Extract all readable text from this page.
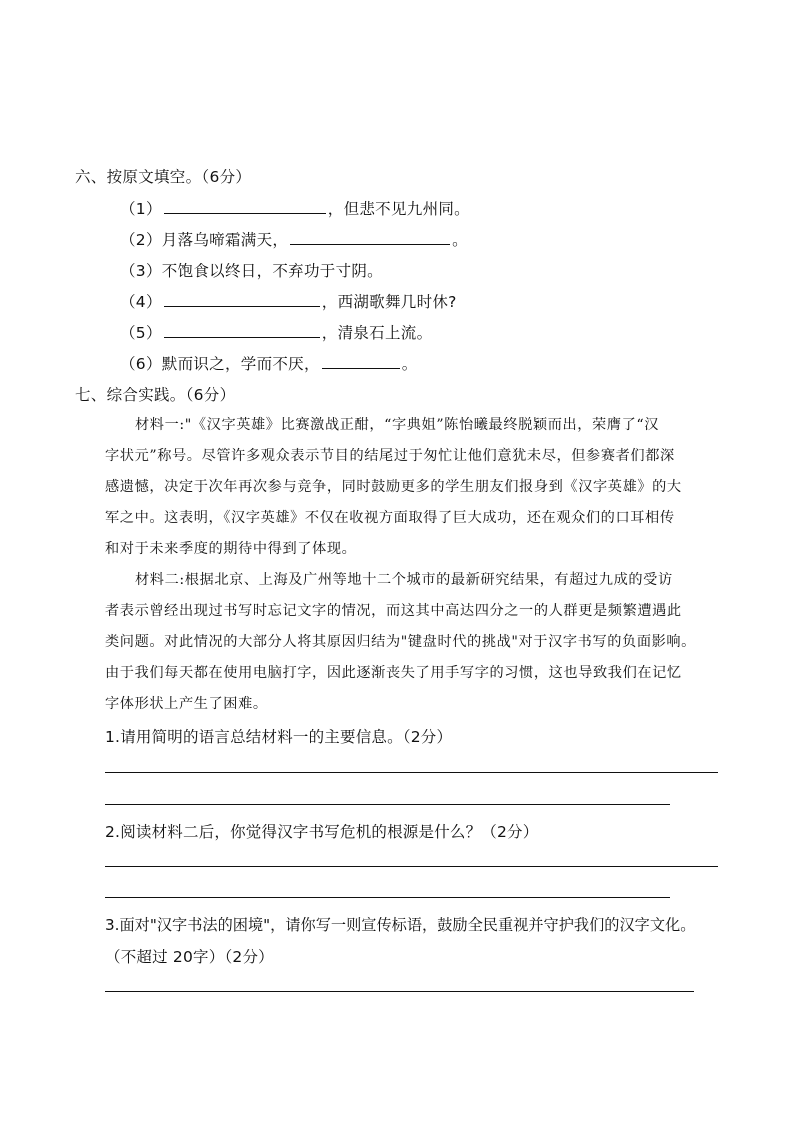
六、按原文填空。（6分）
（1）	，但悲不见九州同。
（2）月落乌啼霜满天，	。
（3）不饱食以终日，不弃功于寸阴。
（4）	，西湖歌舞几时休?
（5）	，清泉石上流。
（6）默而识之，学而不厌，	。
七、综合实践。（6分）
材料一:"《汉字英雄》比赛激战正酣，“字典姐”陈怡曦最终脱颖而出，荣膺了“汉
字状元”称号。尽管许多观众表示节目的结尾过于匆忙让他们意犹未尽，但参赛者们都深
感遗憾，决定于次年再次参与竞争，同时鼓励更多的学生朋友们报身到《汉字英雄》的大
军之中。这表明，《汉字英雄》不仅在收视方面取得了巨大成功，还在观众们的口耳相传
和对于未来季度的期待中得到了体现。
材料二:根据北京、上海及广州等地十二个城市的最新研究结果，有超过九成的受访
者表示曾经出现过书写时忘记文字的情况，而这其中高达四分之一的人群更是频繁遭遇此
类问题。对此情况的大部分人将其原因归结为"键盘时代的挑战"对于汉字书写的负面影响。
由于我们每天都在使用电脑打字，因此逐渐丧失了用手写字的习惯，这也导致我们在记忆
字体形状上产生了困难。
1.请用简明的语言总结材料一的主要信息。（2分）
2.阅读材料二后，你觉得汉字书写危机的根源是什么？（2分）
3.面对"汉字书法的困境"，请你写一则宣传标语，鼓励全民重视并守护我们的汉字文化。
（不超过 20字）（2分）
